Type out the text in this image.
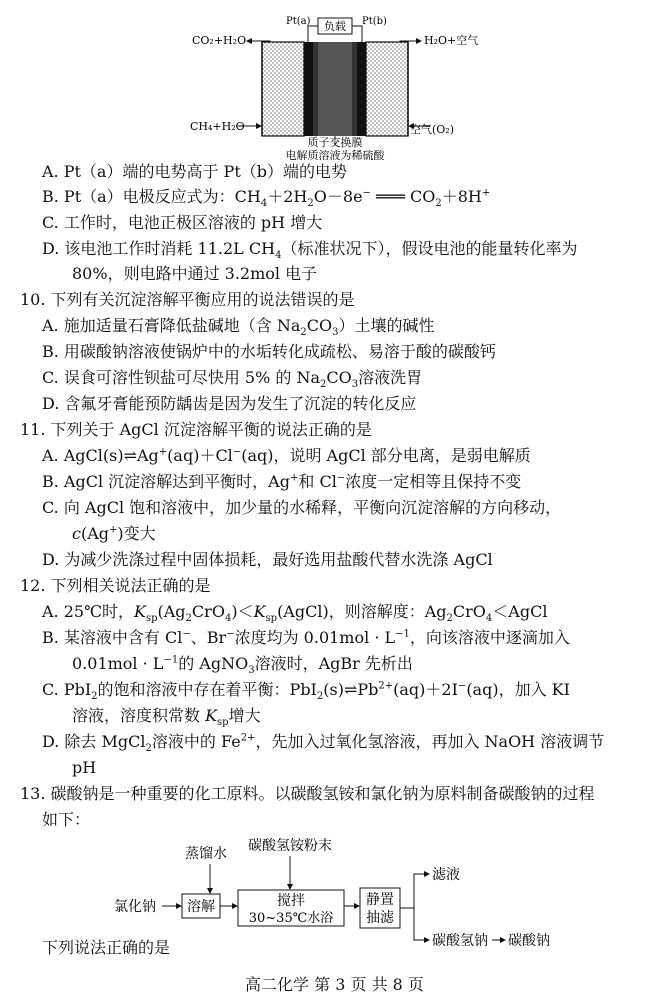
负载
Pt(a)	Pt(b)
CO₂+H₂O	H₂O+空气
CH₄+H₂O	空气(O₂)
质子交换膜
电解质溶液为稀硫酸
A. Pt（a）端的电势高于 Pt（b）端的电势
B. Pt（a）电极反应式为：$CH_4+2H_2O-8e^-$ ═══ $CO_2+8H^+$
C. 工作时，电池正极区溶液的 pH 增大
D. 该电池工作时消耗 11.2L $CH_4$（标准状况下），假设电池的能量转化率为
80%，则电路中通过 3.2mol 电子
10. 下列有关沉淀溶解平衡应用的说法错误的是
A. 施加适量石膏降低盐碱地（含 $Na_2CO_3$）土壤的碱性
B. 用碳酸钠溶液使锅炉中的水垢转化成疏松、易溶于酸的碳酸钙
C. 误食可溶性钡盐可尽快用 5% 的 $Na_2CO_3$溶液洗胃
D. 含氟牙膏能预防龋齿是因为发生了沉淀的转化反应
11. 下列关于 AgCl 沉淀溶解平衡的说法正确的是
A. AgCl(s)⇌Ag+(aq)＋Cl−(aq)，说明 AgCl 部分电离，是弱电解质
B. AgCl 沉淀溶解达到平衡时，Ag+和 Cl−浓度一定相等且保持不变
C. 向 AgCl 饱和溶液中，加少量的水稀释，平衡向沉淀溶解的方向移动，
c(Ag+)变大
D. 为减少洗涤过程中固体损耗，最好选用盐酸代替水洗涤 AgCl
12. 下列相关说法正确的是
A. 25℃时，$K_{sp}(Ag_2CrO_4)<K_{sp}(AgCl)$，则溶解度：$Ag_2CrO_4<AgCl$
B. 某溶液中含有 Cl−、Br−浓度均为 $0.01mol \cdot L^{-1}$，向该溶液中逐滴加入
$0.01mol \cdot L^{-1}$的 AgNO$_3$溶液时，AgBr 先析出
C. PbI$_2$的饱和溶液中存在着平衡：$PbI_2(s)\rightleftharpoons Pb^{2+}(aq)+2I^-(aq)$，加入 KI
溶液，溶度积常数 $K_{sp}$增大
D. 除去 MgCl$_2$溶液中的 $Fe^{2+}$，先加入过氧化氢溶液，再加入 NaOH 溶液调节
pH
13. 碳酸钠是一种重要的化工原料。以碳酸氢铵和氯化钠为原料制备碳酸钠的过程
如下：
氯化钠
蒸馏水
溶解
碳酸氢铵粉末
搅拌
30~35℃水浴
静置
抽滤
滤液
碳酸氢钠 碳酸钠
下列说法正确的是
高二化学 第 3 页 共 8 页
